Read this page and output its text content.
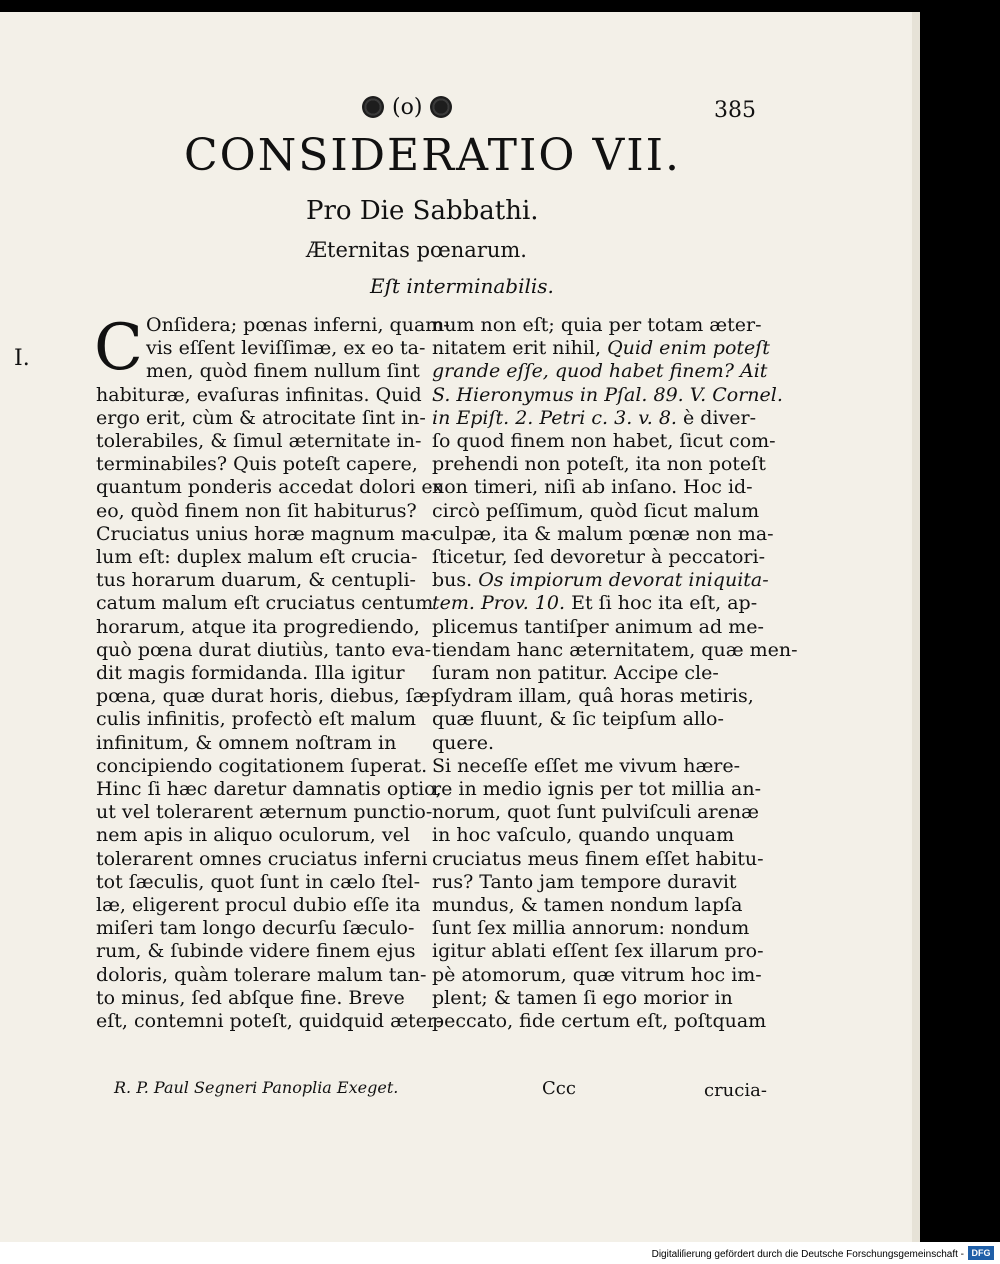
(o)	385
CONSIDERATIO VII.
Pro Die Sabbathi.
Æternitas pœnarum.
Eſt interminabilis.
I. C Onſidera; pœnas inferni, quam-
vis eſſent leviſſimæ, ex eo ta-
men, quòd finem nullum ſint
habituræ, evaſuras infinitas. Quid
ergo erit, cùm & atrocitate ſint in-
tolerabiles, & ſimul æternitate in-
terminabiles? Quis poteſt capere,
quantum ponderis accedat dolori ex
eo, quòd finem non ſit habiturus?
Cruciatus unius horæ magnum ma-
lum eſt: duplex malum eſt crucia-
tus horarum duarum, & centupli-
catum malum eſt cruciatus centum
horarum, atque ita progrediendo,
quò pœna durat diutiùs, tanto eva-
dit magis formidanda. Illa igitur
pœna, quæ durat horis, diebus, ſæ-
culis infinitis, profectò eſt malum
infinitum, & omnem noſtram in
concipiendo cogitationem ſuperat.
Hinc ſi hæc daretur damnatis optio,
ut vel tolerarent æternum punctio-
nem apis in aliquo oculorum, vel
tolerarent omnes cruciatus inferni
tot ſæculis, quot ſunt in cælo ſtel-
læ, eligerent procul dubio eſſe ita
miſeri tam longo decurſu ſæculo-
rum, & ſubinde videre finem ejus
doloris, quàm tolerare malum tan-
to minus, ſed abſque fine. Breve
eſt, contemni poteſt, quidquid æter-
num non eſt; quia per totam æter-
nitatem erit nihil, Quid enim poteſt
grande eſſe, quod habet finem? Ait
S. Hieronymus in Pſal. 89. V. Cornel.
in Epiſt. 2. Petri c. 3. v. 8. è diver-
ſo quod finem non habet, ſicut com-
prehendi non poteſt, ita non poteſt
non timeri, niſi ab inſano. Hoc id-
circò peſſimum, quòd ſicut malum
culpæ, ita & malum pœnæ non ma-
ſticetur, ſed devoretur à peccatori-
bus. Os impiorum devorat iniquita-
tem. Prov. 10. Et ſi hoc ita eſt, ap-
plicemus tantiſper animum ad me-
tiendam hanc æternitatem, quæ men-
ſuram non patitur. Accipe cle-
pſydram illam, quâ horas metiris,
quæ fluunt, & ſic teipſum allo-
quere.
Si neceſſe eſſet me vivum hære-
re in medio ignis per tot millia an-
norum, quot ſunt pulviſculi arenæ
in hoc vaſculo, quando unquam
cruciatus meus finem eſſet habitu-
rus? Tanto jam tempore duravit
mundus, & tamen nondum lapſa
ſunt ſex millia annorum: nondum
igitur ablati eſſent ſex illarum pro-
pè atomorum, quæ vitrum hoc im-
plent; & tamen ſi ego morior in
peccato, fide certum eſt, poſtquam
R. P. Paul Segneri Panoplia Exeget.	Ccc	crucia-
Digitaliſierung gefördert durch die Deutsche Forschungsgemeinschaft - DFG
